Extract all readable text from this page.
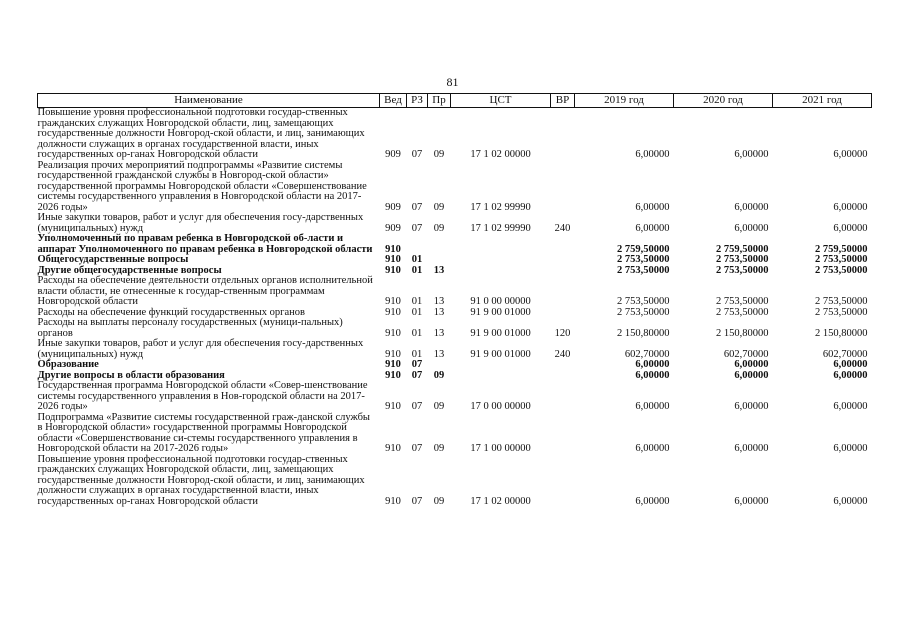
81
Наименование	Вед	РЗ	Пр	ЦСТ	ВР	2019 год	2020 год	2021 год
Повышение уровня профессиональной подготовки государ-ственных гражданских служащих Новгородской области, лиц, замещающих государственные должности Новгород-ской области, и лиц, занимающих должности служащих в органах государственной власти, иных государственных ор-ганах Новгородской области	909	07	09	17 1 02 00000		6,00000	6,00000	6,00000
Реализация прочих мероприятий подпрограммы «Развитие системы государственной гражданской службы в Новгород-ской области» государственной программы Новгородской области «Совершенствование системы государственного управления в Новгородской области на 2017-2026 годы»	909	07	09	17 1 02 99990		6,00000	6,00000	6,00000
Иные закупки товаров, работ и услуг для обеспечения госу-дарственных (муниципальных) нужд	909	07	09	17 1 02 99990	240	6,00000	6,00000	6,00000
Уполномоченный по правам ребенка в Новгородской об-ласти и аппарат Уполномоченного по правам ребенка в Новгородской области	910					2 759,50000	2 759,50000	2 759,50000
Общегосударственные вопросы	910	01				2 753,50000	2 753,50000	2 753,50000
Другие общегосударственные вопросы	910	01	13			2 753,50000	2 753,50000	2 753,50000
Расходы на обеспечение деятельности отдельных органов исполнительной власти области, не отнесенные к государ-ственным программам Новгородской области	910	01	13	91 0 00 00000		2 753,50000	2 753,50000	2 753,50000
Расходы на обеспечение функций государственных органов	910	01	13	91 9 00 01000		2 753,50000	2 753,50000	2 753,50000
Расходы на выплаты персоналу государственных (муници-пальных) органов	910	01	13	91 9 00 01000	120	2 150,80000	2 150,80000	2 150,80000
Иные закупки товаров, работ и услуг для обеспечения госу-дарственных (муниципальных) нужд	910	01	13	91 9 00 01000	240	602,70000	602,70000	602,70000
Образование	910	07				6,00000	6,00000	6,00000
Другие вопросы в области образования	910	07	09			6,00000	6,00000	6,00000
Государственная программа Новгородской области «Совер-шенствование системы государственного управления в Нов-городской области на 2017-2026 годы»	910	07	09	17 0 00 00000		6,00000	6,00000	6,00000
Подпрограмма «Развитие системы государственной граж-данской службы в Новгородской области» государственной программы Новгородской области «Совершенствование си-стемы государственного управления в Новгородской области на 2017-2026 годы»	910	07	09	17 1 00 00000		6,00000	6,00000	6,00000
Повышение уровня профессиональной подготовки государ-ственных гражданских служащих Новгородской области, лиц, замещающих государственные должности Новгород-ской области, и лиц, занимающих должности служащих в органах государственной власти, иных государственных ор-ганах Новгородской области	910	07	09	17 1 02 00000		6,00000	6,00000	6,00000
